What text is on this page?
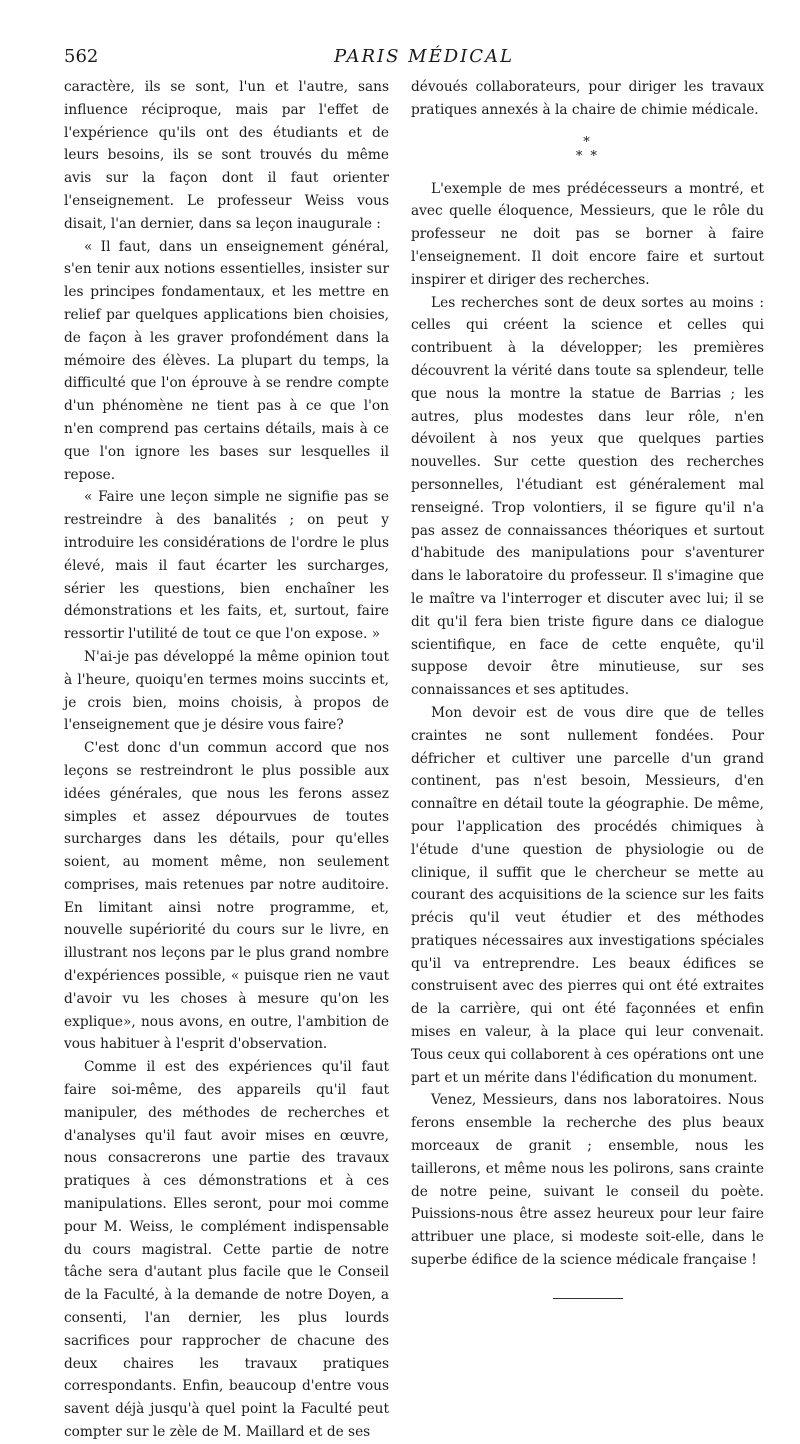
562	PARIS MÉDICAL

caractère, ils se sont, l'un et l'autre, sans influence réciproque, mais par l'effet de l'expérience qu'ils ont des étudiants et de leurs besoins, ils se sont trouvés du même avis sur la façon dont il faut orienter l'enseignement. Le professeur Weiss vous disait, l'an dernier, dans sa leçon inaugurale :

« Il faut, dans un enseignement général, s'en tenir aux notions essentielles, insister sur les principes fondamentaux, et les mettre en relief par quelques applications bien choisies, de façon à les graver profondément dans la mémoire des élèves. La plupart du temps, la difficulté que l'on éprouve à se rendre compte d'un phénomène ne tient pas à ce que l'on n'en comprend pas certains détails, mais à ce que l'on ignore les bases sur lesquelles il repose.

« Faire une leçon simple ne signifie pas se restreindre à des banalités ; on peut y introduire les considérations de l'ordre le plus élevé, mais il faut écarter les surcharges, sérier les questions, bien enchaîner les démonstrations et les faits, et, surtout, faire ressortir l'utilité de tout ce que l'on expose. »

N'ai-je pas développé la même opinion tout à l'heure, quoiqu'en termes moins succints et, je crois bien, moins choisis, à propos de l'enseignement que je désire vous faire?

C'est donc d'un commun accord que nos leçons se restreindront le plus possible aux idées générales, que nous les ferons assez simples et assez dépourvues de toutes surcharges dans les détails, pour qu'elles soient, au moment même, non seulement comprises, mais retenues par notre auditoire. En limitant ainsi notre programme, et, nouvelle supériorité du cours sur le livre, en illustrant nos leçons par le plus grand nombre d'expériences possible, « puisque rien ne vaut d'avoir vu les choses à mesure qu'on les explique», nous avons, en outre, l'ambition de vous habituer à l'esprit d'observation.

Comme il est des expériences qu'il faut faire soi-même, des appareils qu'il faut manipuler, des méthodes de recherches et d'analyses qu'il faut avoir mises en œuvre, nous consacrerons une partie des travaux pratiques à ces démonstrations et à ces manipulations. Elles seront, pour moi comme pour M. Weiss, le complément indispensable du cours magistral. Cette partie de notre tâche sera d'autant plus facile que le Conseil de la Faculté, à la demande de notre Doyen, a consenti, l'an dernier, les plus lourds sacrifices pour rapprocher de chacune des deux chaires les travaux pratiques correspondants. Enfin, beaucoup d'entre vous savent déjà jusqu'à quel point la Faculté peut compter sur le zèle de M. Maillard et de ses

dévoués collaborateurs, pour diriger les travaux pratiques annexés à la chaire de chimie médicale.

*
* *

L'exemple de mes prédécesseurs a montré, et avec quelle éloquence, Messieurs, que le rôle du professeur ne doit pas se borner à faire l'enseignement. Il doit encore faire et surtout inspirer et diriger des recherches.

Les recherches sont de deux sortes au moins : celles qui créent la science et celles qui contribuent à la développer; les premières découvrent la vérité dans toute sa splendeur, telle que nous la montre la statue de Barrias ; les autres, plus modestes dans leur rôle, n'en dévoilent à nos yeux que quelques parties nouvelles. Sur cette question des recherches personnelles, l'étudiant est généralement mal renseigné. Trop volontiers, il se figure qu'il n'a pas assez de connaissances théoriques et surtout d'habitude des manipulations pour s'aventurer dans le laboratoire du professeur. Il s'imagine que le maître va l'interroger et discuter avec lui; il se dit qu'il fera bien triste figure dans ce dialogue scientifique, en face de cette enquête, qu'il suppose devoir être minutieuse, sur ses connaissances et ses aptitudes.

Mon devoir est de vous dire que de telles craintes ne sont nullement fondées. Pour défricher et cultiver une parcelle d'un grand continent, pas n'est besoin, Messieurs, d'en connaître en détail toute la géographie. De même, pour l'application des procédés chimiques à l'étude d'une question de physiologie ou de clinique, il suffit que le chercheur se mette au courant des acquisitions de la science sur les faits précis qu'il veut étudier et des méthodes pratiques nécessaires aux investigations spéciales qu'il va entreprendre. Les beaux édifices se construisent avec des pierres qui ont été extraites de la carrière, qui ont été façonnées et enfin mises en valeur, à la place qui leur convenait. Tous ceux qui collaborent à ces opérations ont une part et un mérite dans l'édification du monument.

Venez, Messieurs, dans nos laboratoires. Nous ferons ensemble la recherche des plus beaux morceaux de granit ; ensemble, nous les taillerons, et même nous les polirons, sans crainte de notre peine, suivant le conseil du poète. Puissions-nous être assez heureux pour leur faire attribuer une place, si modeste soit-elle, dans le superbe édifice de la science médicale française !
